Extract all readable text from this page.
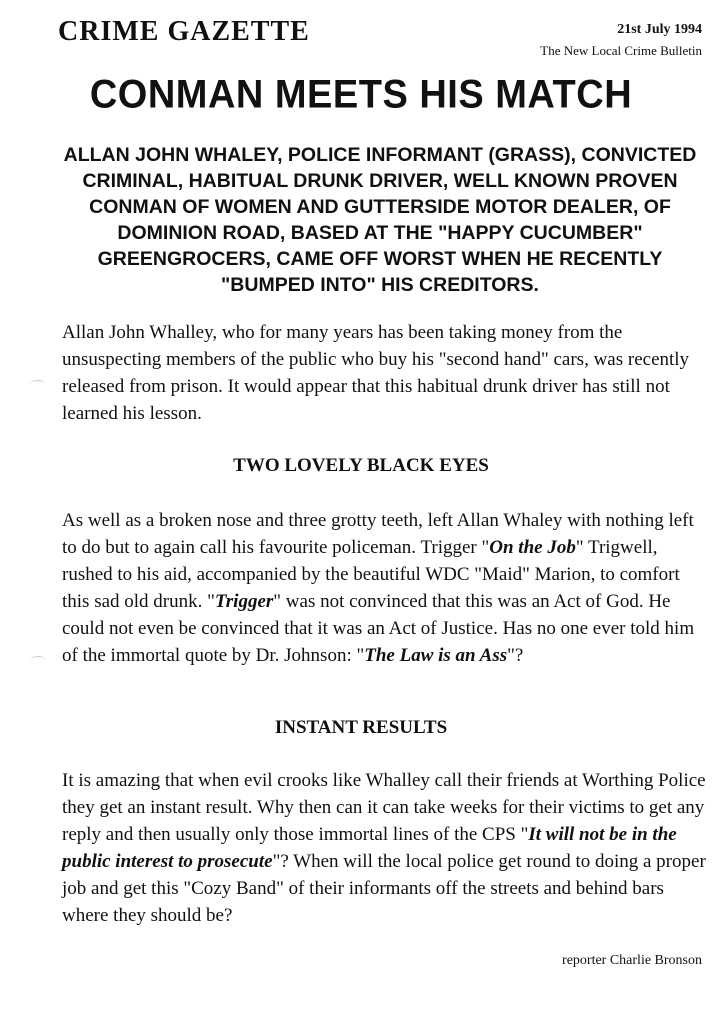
CRIME GAZETTE	21st July 1994
The New Local Crime Bulletin
CONMAN MEETS HIS MATCH
ALLAN JOHN WHALEY, POLICE INFORMANT (GRASS), CONVICTED CRIMINAL, HABITUAL DRUNK DRIVER, WELL KNOWN PROVEN CONMAN OF WOMEN AND GUTTERSIDE MOTOR DEALER, OF DOMINION ROAD, BASED AT THE "HAPPY CUCUMBER" GREENGROCERS, CAME OFF WORST WHEN HE RECENTLY "BUMPED INTO" HIS CREDITORS.

Allan John Whalley, who for many years has been taking money from the unsuspecting members of the public who buy his "second hand" cars, was recently released from prison. It would appear that this habitual drunk driver has still not learned his lesson.

TWO LOVELY BLACK EYES

As well as a broken nose and three grotty teeth, left Allan Whaley with nothing left to do but to again call his favourite policeman. Trigger "On the Job" Trigwell, rushed to his aid, accompanied by the beautiful WDC "Maid" Marion, to comfort this sad old drunk. "Trigger" was not convinced that this was an Act of God. He could not even be convinced that it was an Act of Justice. Has no one ever told him of the immortal quote by Dr. Johnson: "The Law is an Ass"?

INSTANT RESULTS

It is amazing that when evil crooks like Whalley call their friends at Worthing Police they get an instant result. Why then can it can take weeks for their victims to get any reply and then usually only those immortal lines of the CPS "It will not be in the public interest to prosecute"? When will the local police get round to doing a proper job and get this "Cozy Band" of their informants off the streets and behind bars where they should be?

reporter Charlie Bronson
